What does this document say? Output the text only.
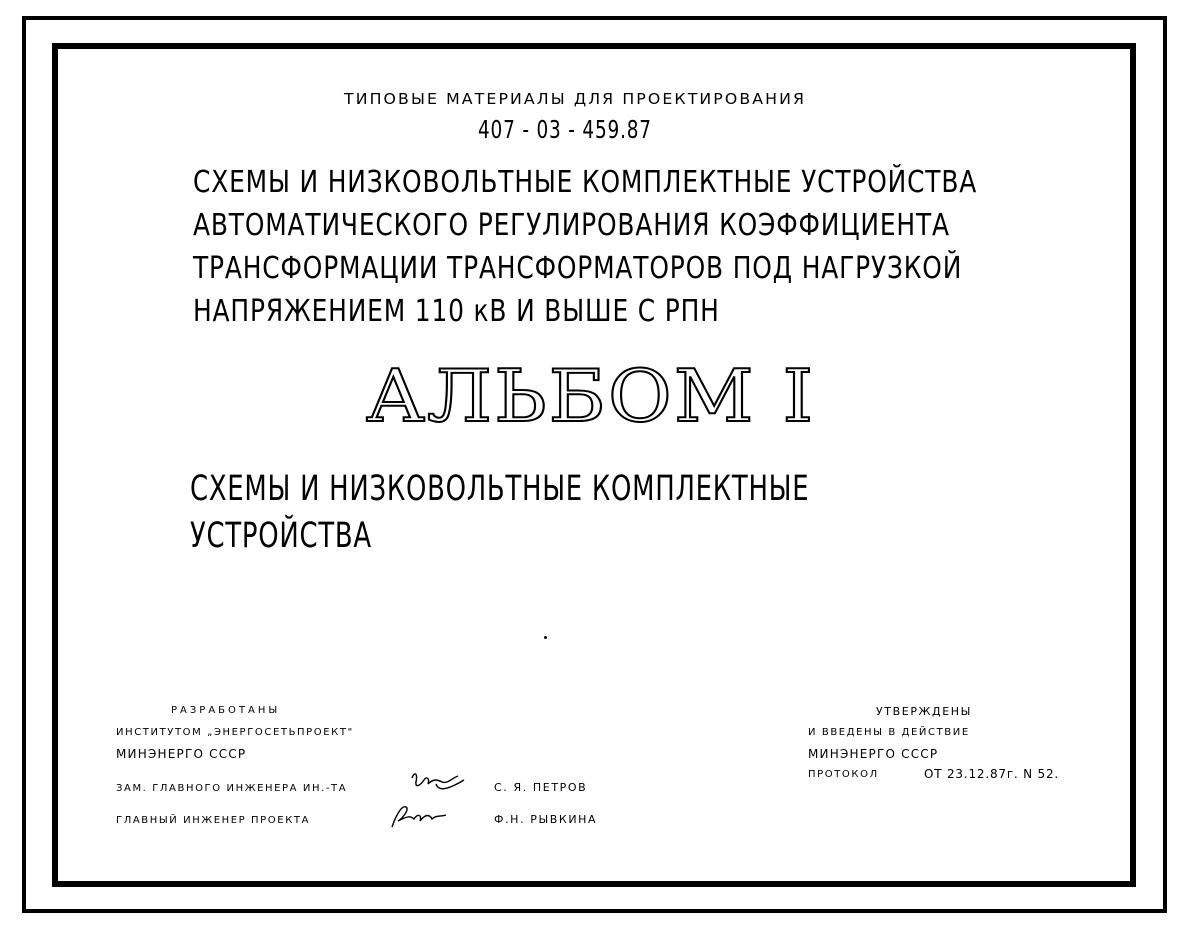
ТИПОВЫЕ МАТЕРИАЛЫ ДЛЯ ПРОЕКТИРОВАНИЯ
407 - 03 - 459.87
СХЕМЫ И НИЗКОВОЛЬТНЫЕ КОМПЛЕКТНЫЕ УСТРОЙСТВА
АВТОМАТИЧЕСКОГО РЕГУЛИРОВАНИЯ КОЭФФИЦИЕНТА
ТРАНСФОРМАЦИИ ТРАНСФОРМАТОРОВ ПОД НАГРУЗКОЙ
НАПРЯЖЕНИЕМ 110 кВ И ВЫШЕ С РПН
АЛЬБОМ I
СХЕМЫ И НИЗКОВОЛЬТНЫЕ КОМПЛЕКТНЫЕ
УСТРОЙСТВА
РАЗРАБОТАНЫ
ИНСТИТУТОМ „ЭНЕРГОСЕТЬПРОЕКТ"
МИНЭНЕРГО СССР
ЗАМ. ГЛАВНОГО ИНЖЕНЕРА ИН.-ТА	С. Я. ПЕТРОВ
ГЛАВНЫЙ ИНЖЕНЕР ПРОЕКТА	Ф.Н. РЫВКИНА
УТВЕРЖДЕНЫ
И ВВЕДЕНЫ В ДЕЙСТВИЕ
МИНЭНЕРГО СССР
ПРОТОКОЛ	ОТ 23.12.87г. N 52.
